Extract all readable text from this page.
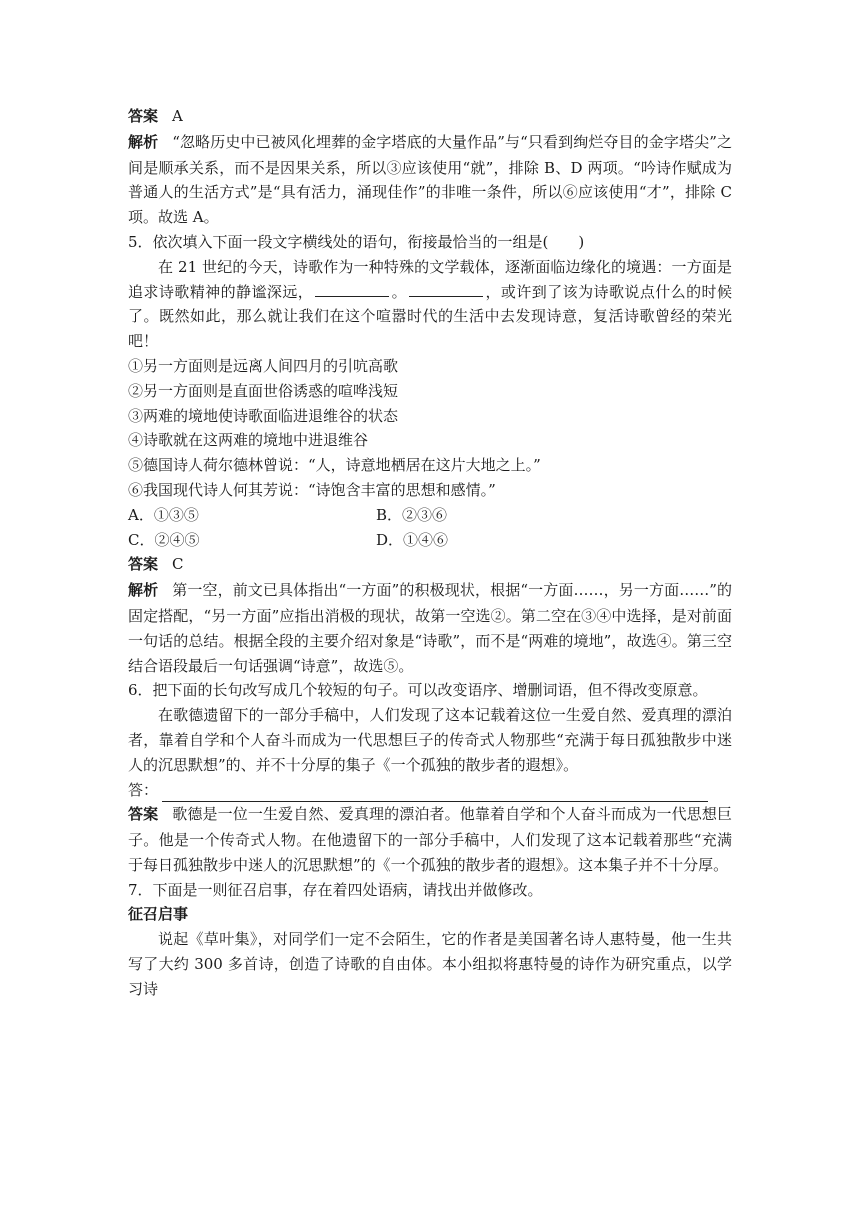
答案 A

解析 “忽略历史中已被风化埋葬的金字塔底的大量作品”与“只看到绚烂夺目的金字塔尖”之间是顺承关系，而不是因果关系，所以③应该使用“就”，排除 B、D 两项。“吟诗作赋成为普通人的生活方式”是“具有活力，涌现佳作”的非唯一条件，所以⑥应该使用“才”，排除 C 项。故选 A。

5．依次填入下面一段文字横线处的语句，衔接最恰当的一组是(　　)

在 21 世纪的今天，诗歌作为一种特殊的文学载体，逐渐面临边缘化的境遇：一方面是追求诗歌精神的静谧深远，	。	，或许到了该为诗歌说点什么的时候了。既然如此，那么就让我们在这个喧嚣时代的生活中去发现诗意，复活诗歌曾经的荣光吧！

①另一方面则是远离人间四月的引吭高歌

②另一方面则是直面世俗诱惑的喧哗浅短

③两难的境地使诗歌面临进退维谷的状态

④诗歌就在这两难的境地中进退维谷

⑤德国诗人荷尔德林曾说：“人，诗意地栖居在这片大地之上。”

⑥我国现代诗人何其芳说：“诗饱含丰富的思想和感情。”

A．①③⑤	B．②③⑥
C．②④⑤	D．①④⑥

答案 C

解析 第一空，前文已具体指出“一方面”的积极现状，根据“一方面……，另一方面……”的固定搭配，“另一方面”应指出消极的现状，故第一空选②。第二空在③④中选择，是对前面一句话的总结。根据全段的主要介绍对象是“诗歌”，而不是“两难的境地”，故选④。第三空结合语段最后一句话强调“诗意”，故选⑤。

6．把下面的长句改写成几个较短的句子。可以改变语序、增删词语，但不得改变原意。

在歌德遗留下的一部分手稿中，人们发现了这本记载着这位一生爱自然、爱真理的漂泊者，靠着自学和个人奋斗而成为一代思想巨子的传奇式人物那些“充满于每日孤独散步中迷人的沉思默想”的、并不十分厚的集子《一个孤独的散步者的遐想》。

答：

答案 歌德是一位一生爱自然、爱真理的漂泊者。他靠着自学和个人奋斗而成为一代思想巨子。他是一个传奇式人物。在他遗留下的一部分手稿中，人们发现了这本记载着那些“充满于每日孤独散步中迷人的沉思默想”的《一个孤独的散步者的遐想》。这本集子并不十分厚。

7．下面是一则征召启事，存在着四处语病，请找出并做修改。

征召启事

说起《草叶集》，对同学们一定不会陌生，它的作者是美国著名诗人惠特曼，他一生共写了大约 300 多首诗，创造了诗歌的自由体。本小组拟将惠特曼的诗作为研究重点，以学习诗
